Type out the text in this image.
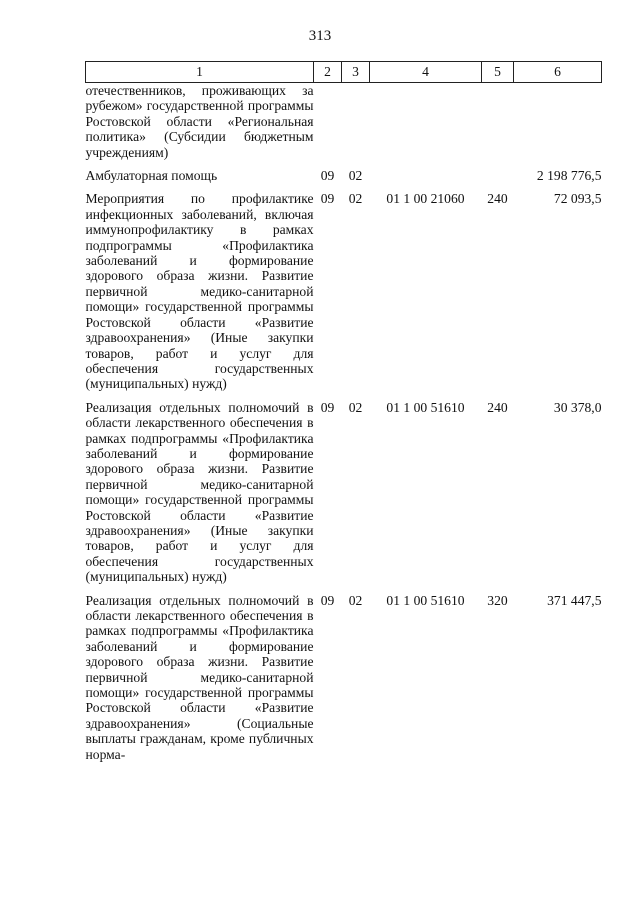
313
1	2	3	4	5	6
отечественников, проживающих за рубежом» государственной программы Ростовской области «Региональная политика» (Субсидии бюджетным учреждениям)					

Амбулаторная помощь	09	02			2 198 776,5

Мероприятия по профилактике инфекционных заболеваний, включая иммунопрофилактику в рамках подпрограммы «Профилактика заболеваний и формирование здорового образа жизни. Развитие первичной медико-санитарной помощи» государственной программы Ростовской области «Развитие здравоохранения» (Иные закупки товаров, работ и услуг для обеспечения государственных (муниципальных) нужд)	09	02	01 1 00 21060	240	72 093,5

Реализация отдельных полномочий в области лекарственного обеспечения в рамках подпрограммы «Профилактика заболеваний и формирование здорового образа жизни. Развитие первичной медико-санитарной помощи» государственной программы Ростовской области «Развитие здравоохранения» (Иные закупки товаров, работ и услуг для обеспечения государственных (муниципальных) нужд)	09	02	01 1 00 51610	240	30 378,0

Реализация отдельных полномочий в области лекарственного обеспечения в рамках подпрограммы «Профилактика заболеваний и формирование здорового образа жизни. Развитие первичной медико-санитарной помощи» государственной программы Ростовской области «Развитие здравоохранения» (Социальные выплаты гражданам, кроме публичных норма-	09	02	01 1 00 51610	320	371 447,5
